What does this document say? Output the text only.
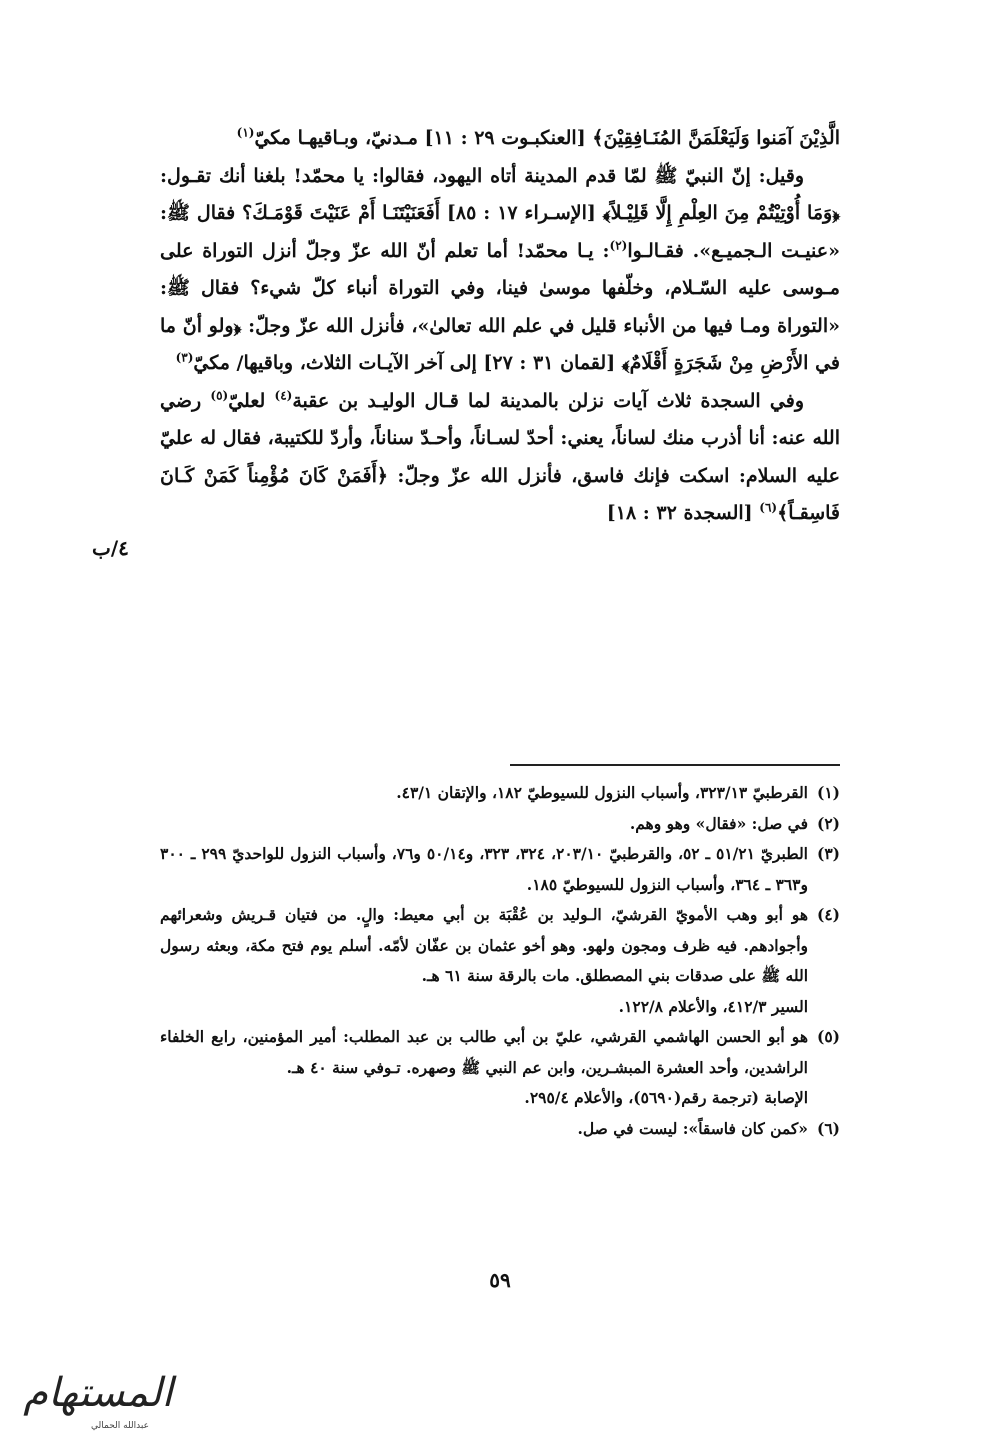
الَّذِيْنَ آمَنوا وَلَيَعْلَمَنَّ المُنَـافِقِيْنَ﴾ [العنكبـوت ٢٩ : ١١] مـدنيّ، وبـاقيهـا مكيّ$^{(١)}$

وقيل: إنّ النبيّ ﷺ لمّا قدم المدينة أتاه اليهود، فقالوا: يا محمّد! بلغنا أنك تقـول: ﴿وَمَا أُوْتِيْتُمْ مِنَ العِلْمِ إِلَّا قَلِيْـلاً﴾ [الإسـراء ١٧ : ٨٥] أَفَعَنَيْتَنَـا أَمْ عَنَيْتَ قَوْمَـكَ؟ فقال ﷺ: «عنيـت الـجميـع». فقـالـوا$^{(٢)}$: يـا محمّد! أما تعلم أنّ الله عزّ وجلّ أنزل التوراة على مـوسى عليه السّـلام، وخلّفها موسىٰ فينا، وفي التوراة أنباء كلّ شيء؟ فقال ﷺ: «التوراة ومـا فيها من الأنباء قليل في علم الله تعالىٰ»، فأنزل الله عزّ وجلّ: ﴿ولو أنّ ما في الأَرْضِ مِنْ شَجَرَةٍ أَقْلَامٌ﴾ [لقمان ٣١ : ٢٧] إلى آخر الآيـات الثلاث، وباقيها/ مكيّ$^{(٣)}$

وفي السجدة ثلاث آيات نزلن بالمدينة لما قـال الوليـد بن عقبة$^{(٤)}$ لعليّ$^{(٥)}$ رضي الله عنه: أنا أذرب منك لساناً، يعني: أحدّ لسـاناً، وأحـدّ سناناً، وأردّ للكتيبة، فقال له عليّ عليه السلام: اسكت فإنك فاسق، فأنزل الله عزّ وجلّ: ﴿أَفَمَنْ كَانَ مُؤْمِناً كَمَنْ كَـانَ فَاسِقـاً﴾$^{(٦)}$ [السجدة ٣٢ : ١٨]

٤/ب
(١)
القرطبيّ ٣٢٣/١٣، وأسباب النزول للسيوطيّ ١٨٢، والإتقان ٤٣/١.
(٢)
في صل: «فقال» وهو وهم.
(٣)
الطبريّ ٥١/٢١ ـ ٥٢، والقرطبيّ ٢٠٣/١٠، ٣٢٤، ٣٢٣، و٥٠/١٤ و٧٦، وأسباب النزول للواحديّ ٢٩٩ ـ ٣٠٠ و٣٦٣ ـ ٣٦٤، وأسباب النزول للسيوطيّ ١٨٥.
(٤)
هو أبو وهب الأمويّ القرشيّ، الـوليد بن عُقْبَة بن أبي معيط: والٍ. من فتيان قـريش وشعرائهم وأجوادهم. فيه ظرف ومجون ولهو. وهو أخو عثمان بن عفّان لأمّه. أسلم يوم فتح مكة، وبعثه رسول الله ﷺ على صدقات بني المصطلق. مات بالرقة سنة ٦١ هـ.
السير ٤١٢/٣، والأعلام ١٢٢/٨.
(٥)
هو أبو الحسن الهاشمي القرشي، عليّ بن أبي طالب بن عبد المطلب: أمير المؤمنين، رابع الخلفاء الراشدين، وأحد العشرة المبشـرين، وابن عم النبي ﷺ وصهره. تـوفي سنة ٤٠ هـ.
الإصابة (ترجمة رقم(٥٦٩٠)، والأعلام ٢٩٥/٤.
(٦)
«كمن كان فاسقاً»: ليست في صل.
٥٩
المستهام
عبدالله الحمالي
